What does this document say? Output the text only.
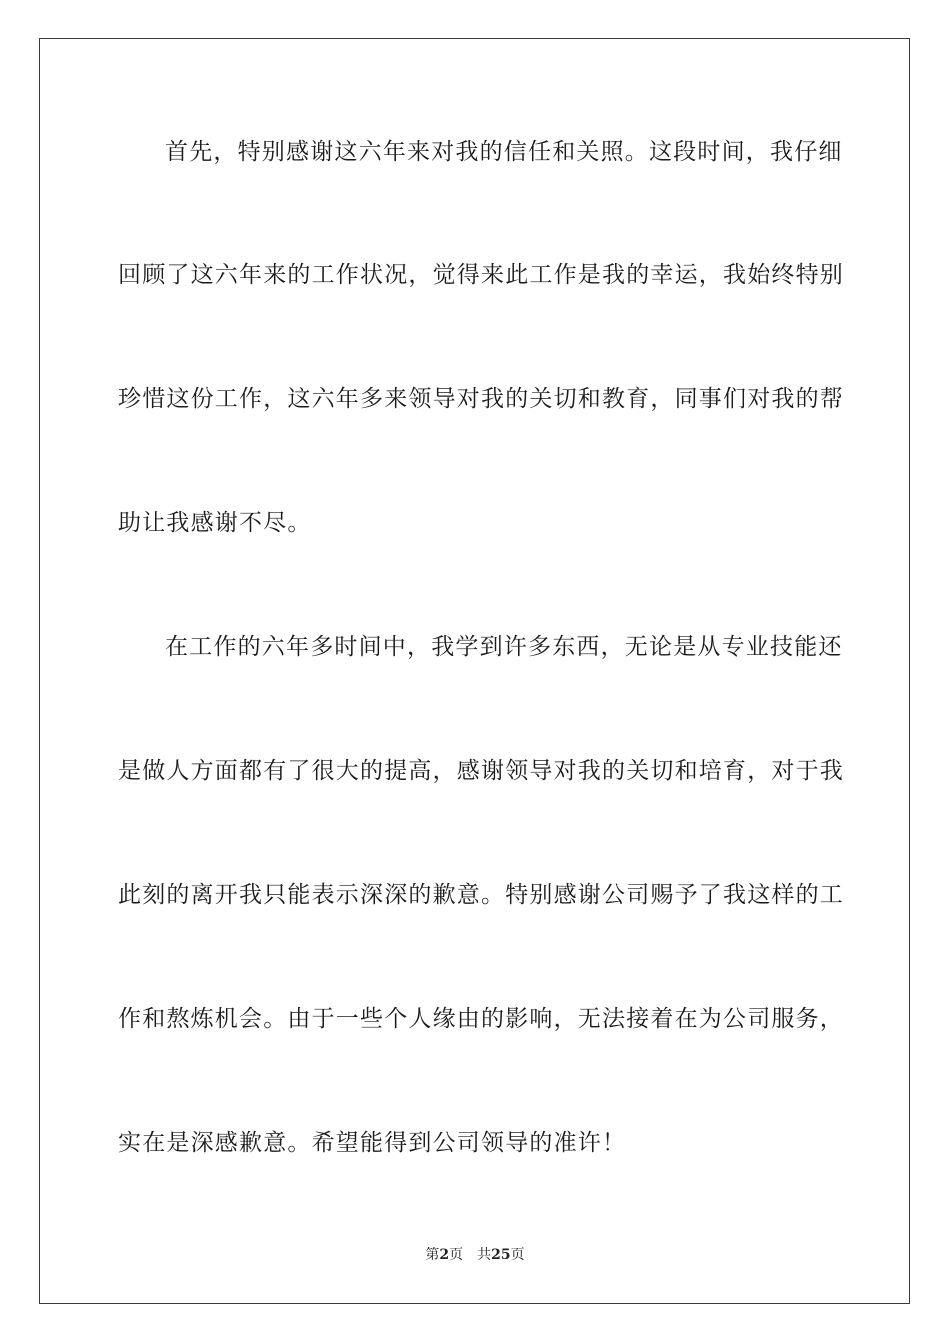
首先，特别感谢这六年来对我的信任和关照。这段时间，我仔细
回顾了这六年来的工作状况，觉得来此工作是我的幸运，我始终特别
珍惜这份工作，这六年多来领导对我的关切和教育，同事们对我的帮
助让我感谢不尽。
在工作的六年多时间中，我学到许多东西，无论是从专业技能还
是做人方面都有了很大的提高，感谢领导对我的关切和培育，对于我
此刻的离开我只能表示深深的歉意。特别感谢公司赐予了我这样的工
作和熬炼机会。由于一些个人缘由的影响，无法接着在为公司服务，
实在是深感歉意。希望能得到公司领导的准许！
第2页 共25页
